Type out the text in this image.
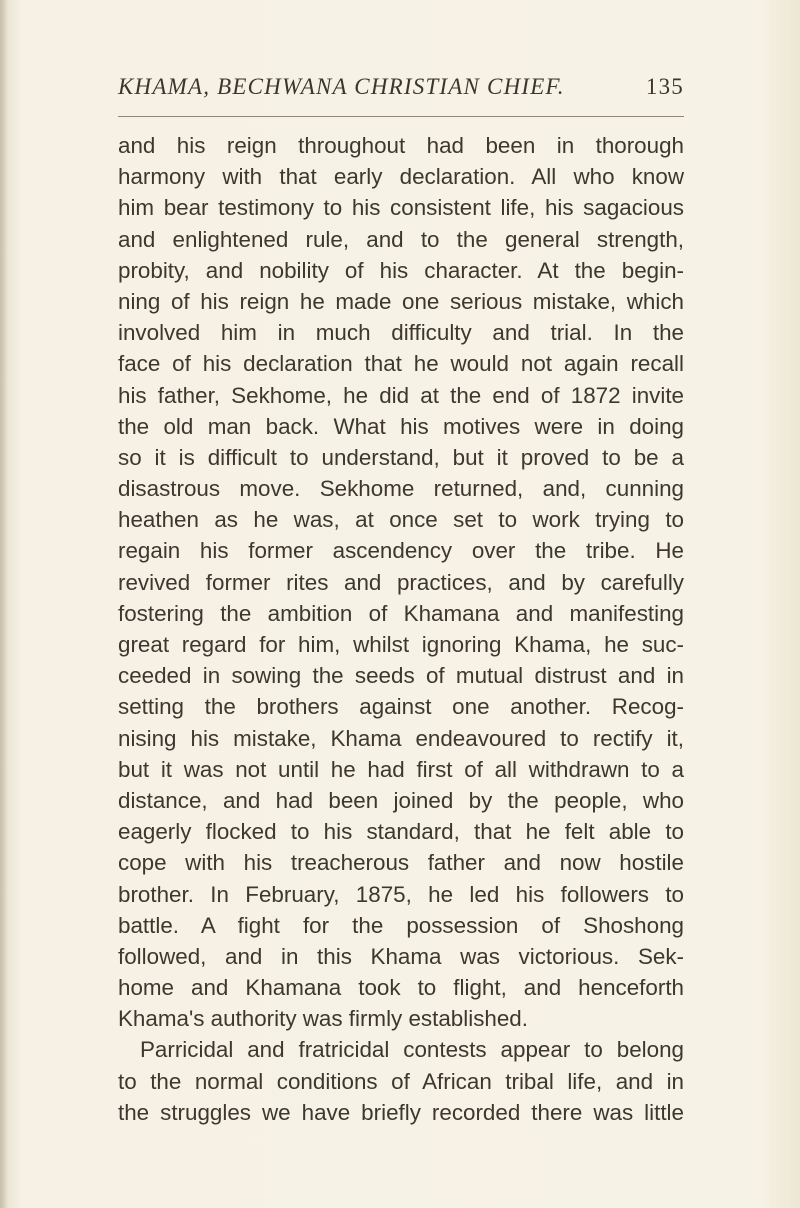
KHAMA, BECHWANA CHRISTIAN CHIEF.	135
and his reign throughout had been in thorough
harmony with that early declaration. All who know
him bear testimony to his consistent life, his sagacious
and enlightened rule, and to the general strength,
probity, and nobility of his character. At the begin-
ning of his reign he made one serious mistake, which
involved him in much difficulty and trial. In the
face of his declaration that he would not again recall
his father, Sekhome, he did at the end of 1872 invite
the old man back. What his motives were in doing
so it is difficult to understand, but it proved to be a
disastrous move. Sekhome returned, and, cunning
heathen as he was, at once set to work trying to
regain his former ascendency over the tribe. He
revived former rites and practices, and by carefully
fostering the ambition of Khamana and manifesting
great regard for him, whilst ignoring Khama, he suc-
ceeded in sowing the seeds of mutual distrust and in
setting the brothers against one another. Recog-
nising his mistake, Khama endeavoured to rectify it,
but it was not until he had first of all withdrawn to a
distance, and had been joined by the people, who
eagerly flocked to his standard, that he felt able to
cope with his treacherous father and now hostile
brother. In February, 1875, he led his followers to
battle. A fight for the possession of Shoshong
followed, and in this Khama was victorious. Sek-
home and Khamana took to flight, and henceforth
Khama's authority was firmly established.
Parricidal and fratricidal contests appear to belong
to the normal conditions of African tribal life, and in
the struggles we have briefly recorded there was little
